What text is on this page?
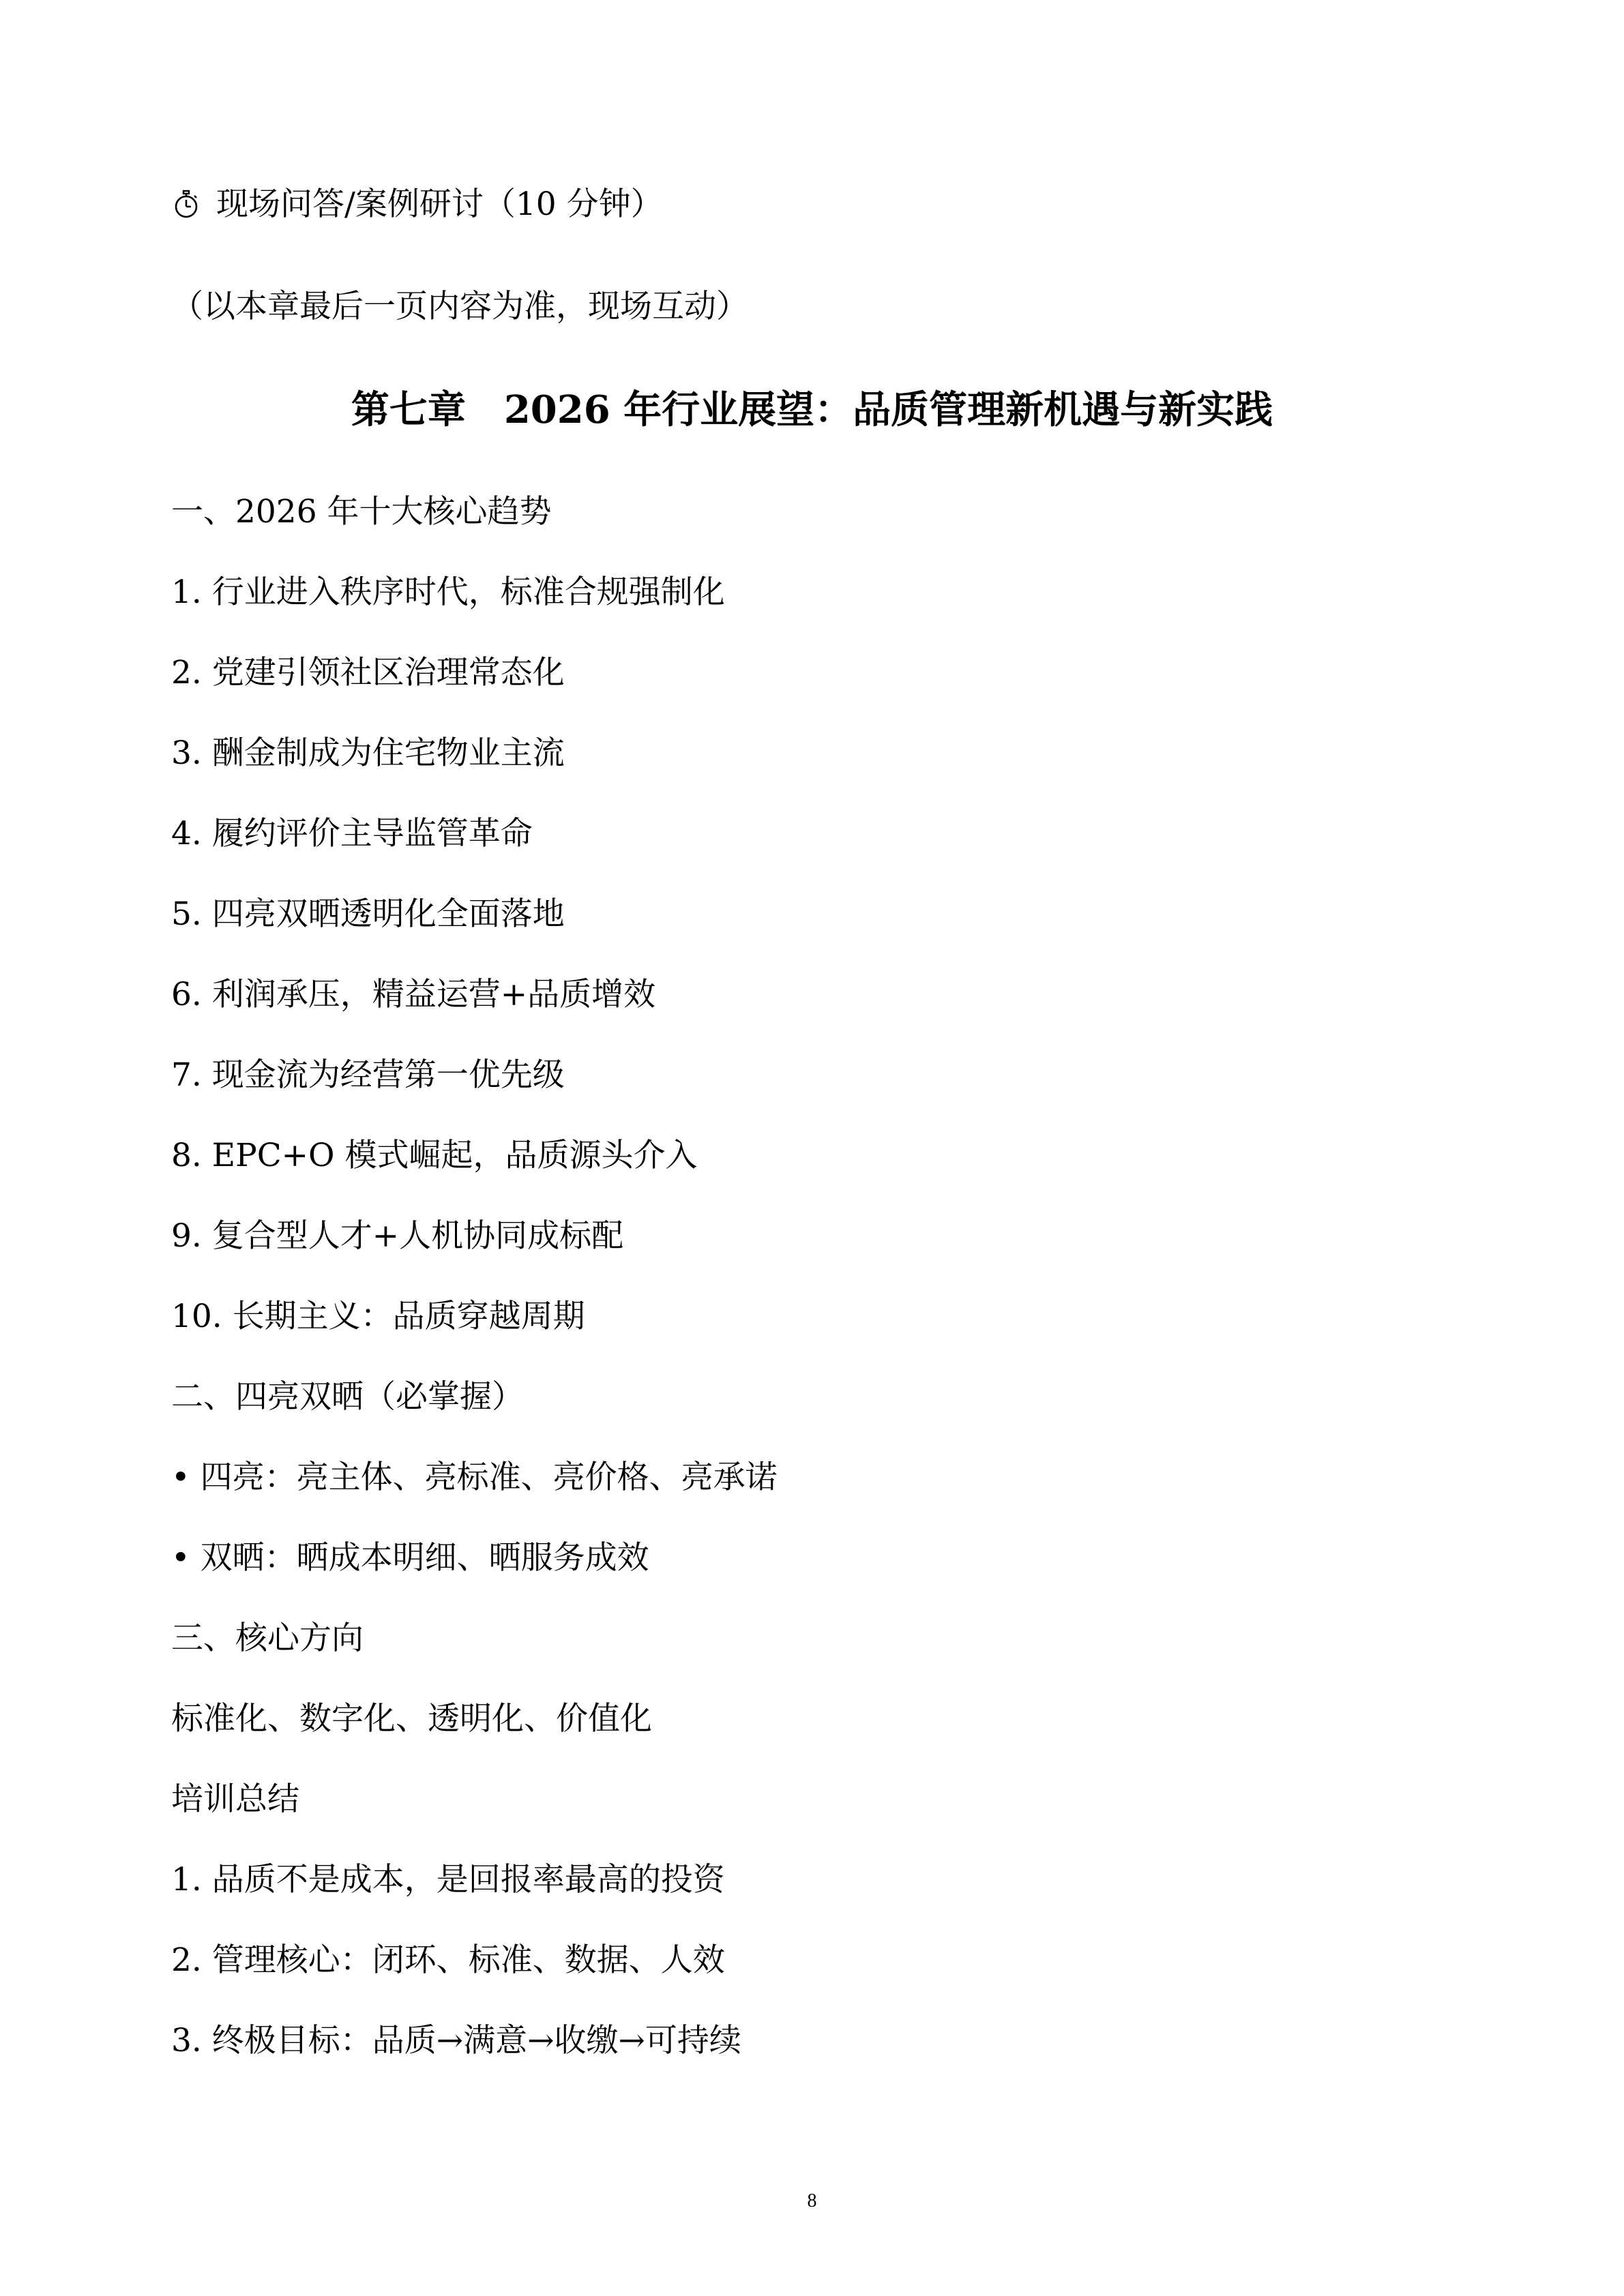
现场问答/案例研讨（10 分钟）
（以本章最后一页内容为准，现场互动）
第七章　2026 年行业展望：品质管理新机遇与新实践
一、2026 年十大核心趋势
1. 行业进入秩序时代，标准合规强制化
2. 党建引领社区治理常态化
3. 酬金制成为住宅物业主流
4. 履约评价主导监管革命
5. 四亮双晒透明化全面落地
6. 利润承压，精益运营+品质增效
7. 现金流为经营第一优先级
8. EPC+O 模式崛起，品质源头介入
9. 复合型人才+人机协同成标配
10. 长期主义：品质穿越周期
二、四亮双晒（必掌握）
• 四亮：亮主体、亮标准、亮价格、亮承诺
• 双晒：晒成本明细、晒服务成效
三、核心方向
标准化、数字化、透明化、价值化
培训总结
1. 品质不是成本，是回报率最高的投资
2. 管理核心：闭环、标准、数据、人效
3. 终极目标：品质→满意→收缴→可持续
8
